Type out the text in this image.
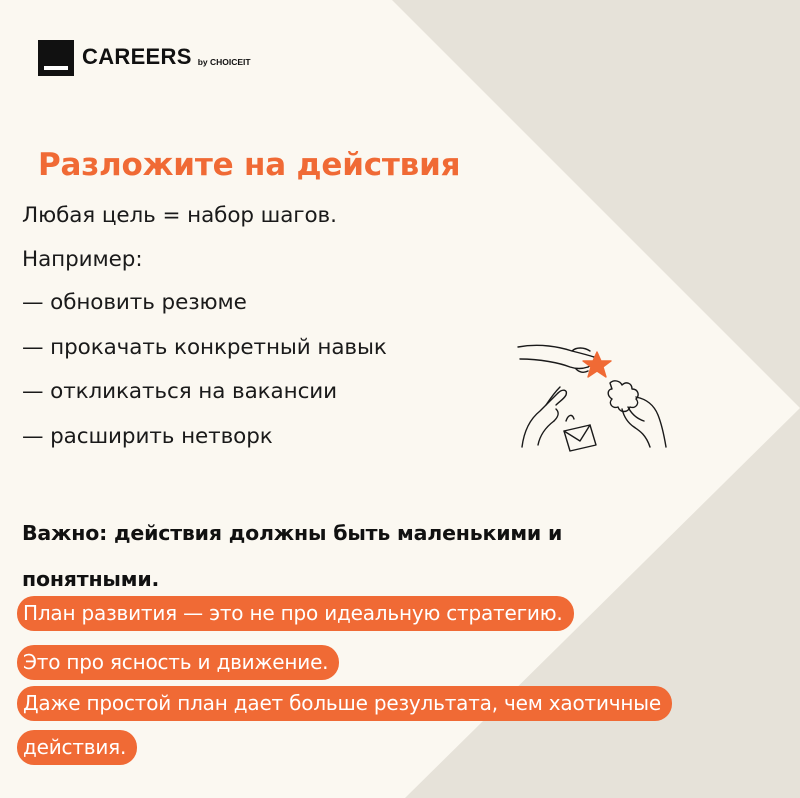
CAREERS by CHOICEIT
Разложите на действия
Любая цель = набор шагов.
Например:
— обновить резюме
— прокачать конкретный навык
— откликаться на вакансии
— расширить нетворк
Важно: действия должны быть маленькими и понятными.
План развития — это не про идеальную стратегию.
Это про ясность и движение.
Даже простой план дает больше результата, чем хаотичные
действия.
